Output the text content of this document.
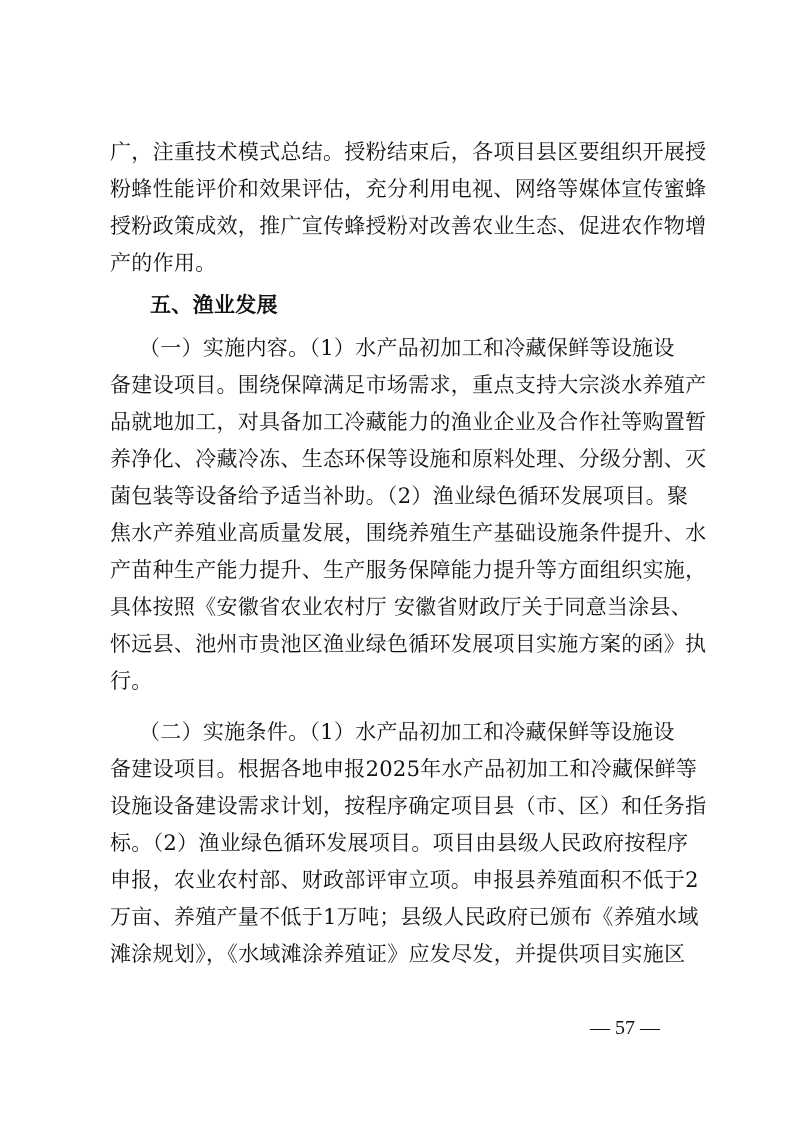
广，注重技术模式总结。授粉结束后，各项目县区要组织开展授
粉蜂性能评价和效果评估，充分利用电视、网络等媒体宣传蜜蜂
授粉政策成效，推广宣传蜂授粉对改善农业生态、促进农作物增
产的作用。
五、渔业发展
（一）实施内容。（1）水产品初加工和冷藏保鲜等设施设
备建设项目。围绕保障满足市场需求，重点支持大宗淡水养殖产
品就地加工，对具备加工冷藏能力的渔业企业及合作社等购置暂
养净化、冷藏冷冻、生态环保等设施和原料处理、分级分割、灭
菌包装等设备给予适当补助。（2）渔业绿色循环发展项目。聚
焦水产养殖业高质量发展，围绕养殖生产基础设施条件提升、水
产苗种生产能力提升、生产服务保障能力提升等方面组织实施，
具体按照《安徽省农业农村厅 安徽省财政厅关于同意当涂县、
怀远县、池州市贵池区渔业绿色循环发展项目实施方案的函》执
行。
（二）实施条件。（1）水产品初加工和冷藏保鲜等设施设
备建设项目。根据各地申报2025年水产品初加工和冷藏保鲜等
设施设备建设需求计划，按程序确定项目县（市、区）和任务指
标。（2）渔业绿色循环发展项目。项目由县级人民政府按程序
申报，农业农村部、财政部评审立项。申报县养殖面积不低于2
万亩、养殖产量不低于1万吨；县级人民政府已颁布《养殖水域
滩涂规划》，《水域滩涂养殖证》应发尽发，并提供项目实施区
— 57 —
